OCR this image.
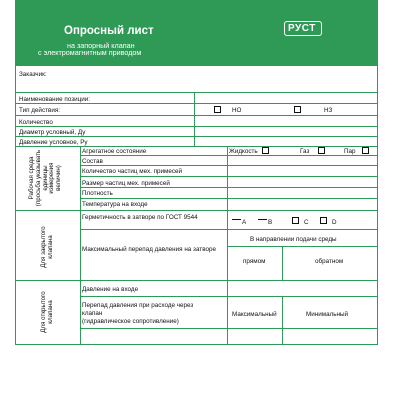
Опросный лист
на запорный клапан
с электромагнитным приводом
РУСТ
Заказчик:
Наименование позиции:
Тип действия:	НО	НЗ
Количество
Диаметр условный, Ду
Давление условное, Ру
Рабочая среда (просьба указывать единицы измерения величин)
Агрегатное состояние	Жидкость	Газ	Пар
Состав
Количество частиц мех. примесей
Размер частиц мех. примесей
Плотность
Температура на входе
Для закрытого клапана
Герметичность в затворе по ГОСТ 9544
A	B	C	D
Максимальный перепад давления на затворе
В направлении подачи среды
прямом	обратном
Для открытого клапана
Давление на входе
Перепад давления при расходе через
клапан
(гидравлическое сопротивление)
Максимальный	Минимальный
